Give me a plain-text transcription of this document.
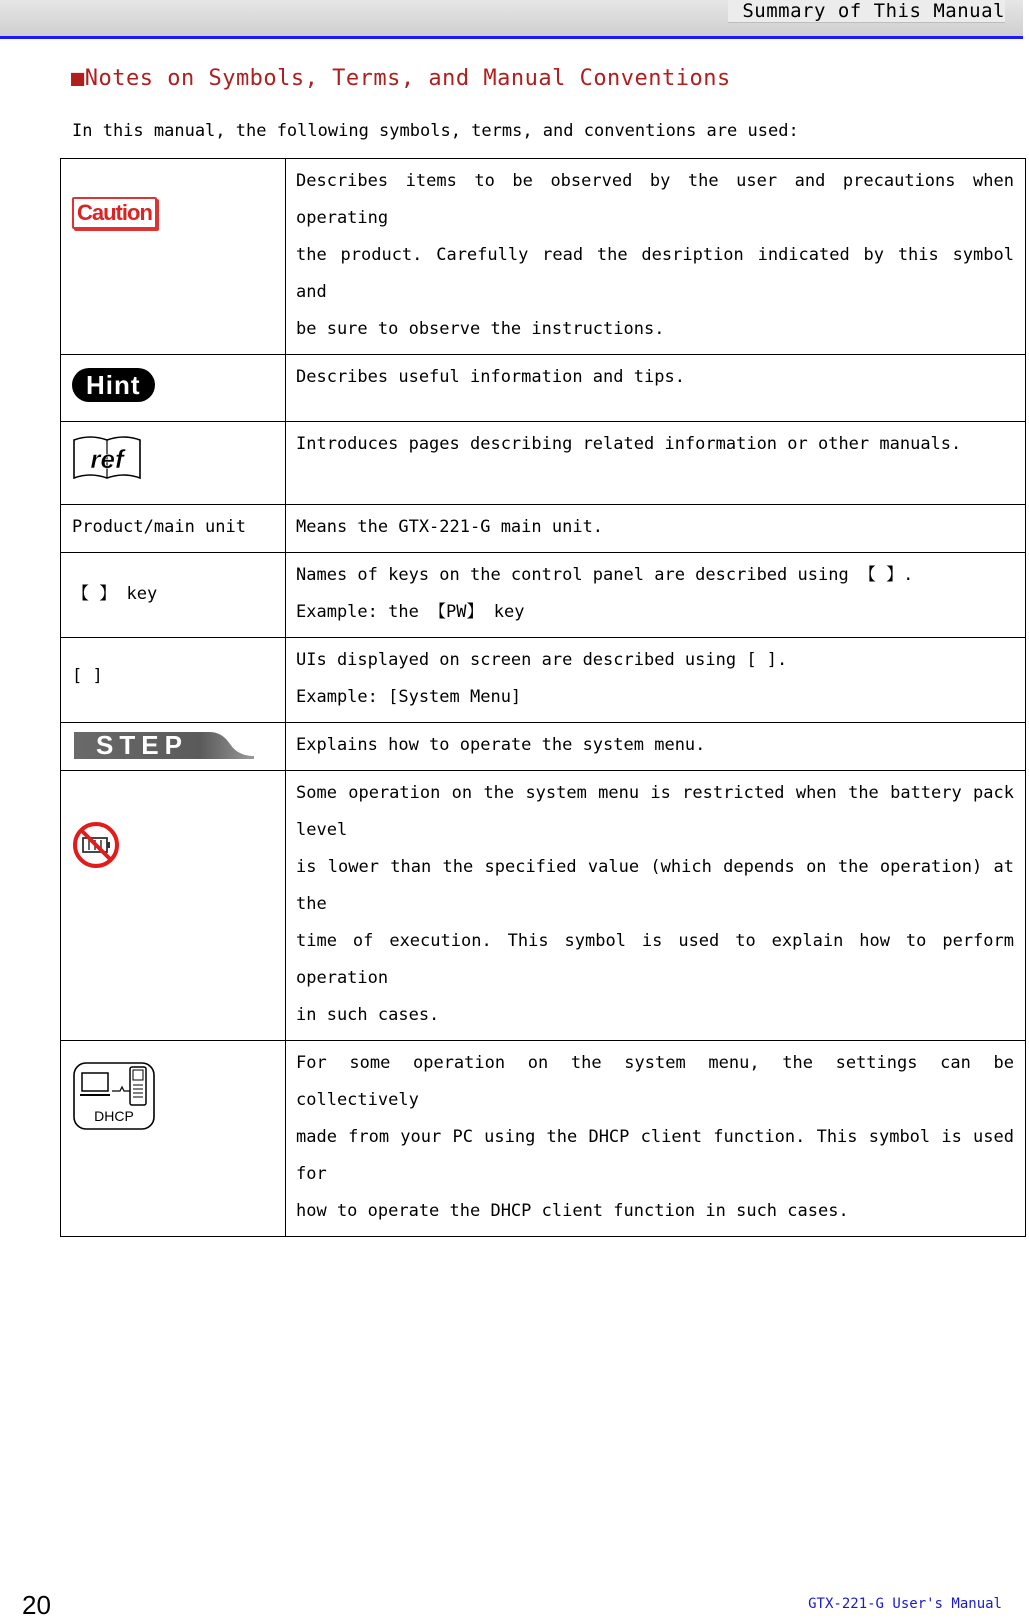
Summary of This Manual
■Notes on Symbols, Terms, and Manual Conventions
In this manual, the following symbols, terms, and conventions are used:
Caution	Describes items to be observed by the user and precautions when operating
the product. Carefully read the desription indicated by this symbol and
be sure to observe the instructions.

Hint	Describes useful information and tips.

ref	Introduces pages describing related information or other manuals.

Product/main unit	Means the GTX-221-G main unit.

【 】 key	Names of keys on the control panel are described using 【 】.
Example: the 【PW】 key

[ ]	UIs displayed on screen are described using [ ].
Example: [System Menu]

STEP	Explains how to operate the system menu.

Some operation on the system menu is restricted when the battery pack level
is lower than the specified value (which depends on the operation) at the
time of execution. This symbol is used to explain how to perform operation
in such cases.

DHCP	For some operation on the system menu, the settings can be collectively
made from your PC using the DHCP client function. This symbol is used for
how to operate the DHCP client function in such cases.
20	GTX-221-G User's Manual
